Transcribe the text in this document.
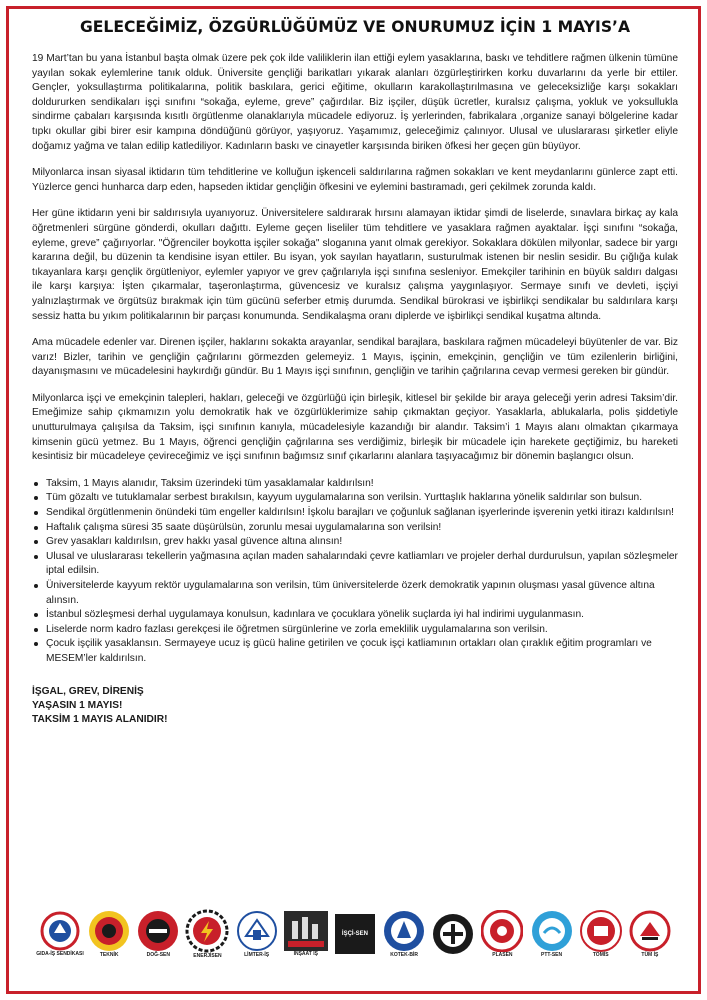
GELECEĞİMİZ, ÖZGÜRLÜĞÜMÜZ VE ONURUMUZ İÇİN 1 MAYIS’A

19 Mart’tan bu yana İstanbul başta olmak üzere pek çok ilde valiliklerin ilan ettiği eylem yasaklarına, baskı ve tehditlere rağmen ülkenin tümüne yayılan sokak eylemlerine tanık olduk. Üniversite gençliği barikatları yıkarak alanları özgürleştirirken korku duvarlarını da yerle bir ettiler. Gençler, yoksullaştırma politikalarına, politik baskılara, gerici eğitime, okulların karakollaştırılmasına ve geleceksizliğe karşı sokakları doldururken sendikaları işçi sınıfını “sokağa, eyleme, greve” çağırdılar. Biz işçiler, düşük ücretler, kuralsız çalışma, yokluk ve yoksullukla sindirme çabaları karşısında kısıtlı örgütlenme olanaklarıyla mücadele ediyoruz. İş yerlerinden, fabrikalara ,organize sanayi bölgelerine kadar tıpkı okullar gibi birer esir kampına döndüğünü görüyor, yaşıyoruz. Yaşamımız, geleceğimiz çalınıyor. Ulusal ve uluslararası şirketler eliyle doğamız yağma ve talan edilip katlediliyor. Kadınların baskı ve cinayetler karşısında biriken öfkesi her geçen gün büyüyor.

Milyonlarca insan siyasal iktidarın tüm tehditlerine ve kolluğun işkenceli saldırılarına rağmen sokakları ve kent meydanlarını günlerce zapt etti. Yüzlerce genci hunharca darp eden, hapseden iktidar gençliğin öfkesini ve eylemini bastıramadı, geri çekilmek zorunda kaldı.

Her güne iktidarın yeni bir saldırısıyla uyanıyoruz. Üniversitelere saldırarak hırsını alamayan iktidar şimdi de liselerde, sınavlara birkaç ay kala öğretmenleri sürgüne gönderdi, okulları dağıttı. Eyleme geçen liseliler tüm tehditlere ve yasaklara rağmen ayaktalar. İşçi sınıfını “sokağa, eyleme, greve” çağırıyorlar. "Öğrenciler boykotta işçiler sokağa" sloganına yanıt olmak gerekiyor. Sokaklara dökülen milyonlar, sadece bir yargı kararına değil, bu düzenin ta kendisine isyan ettiler. Bu isyan, yok sayılan hayatların, susturulmak istenen bir neslin sesidir. Bu çığlığa kulak tıkayanlara karşı gençlik örgütleniyor, eylemler yapıyor ve grev çağrılarıyla işçi sınıfına sesleniyor. Emekçiler tarihinin en büyük saldırı dalgası ile karşı karşıya: İşten çıkarmalar, taşeronlaştırma, güvencesiz ve kuralsız çalışma yaygınlaşıyor. Sermaye sınıfı ve devleti, işçiyi yalnızlaştırmak ve örgütsüz bırakmak için tüm gücünü seferber etmiş durumda. Sendikal bürokrasi ve işbirlikçi sendikalar bu saldırılara karşı sessiz hatta bu yıkım politikalarının bir parçası konumunda. Sendikalaşma oranı diplerde ve işbirlikçi sendikal kuşatma altında.

Ama mücadele edenler var. Direnen işçiler, haklarını sokakta arayanlar, sendikal barajlara, baskılara rağmen mücadeleyi büyütenler de var. Biz varız! Bizler, tarihin ve gençliğin çağrılarını görmezden gelemeyiz. 1 Mayıs, işçinin, emekçinin, gençliğin ve tüm ezilenlerin birliğini, dayanışmasını ve mücadelesini haykırdığı gündür. Bu 1 Mayıs işçi sınıfının, gençliğin ve tarihin çağrılarına cevap vermesi gereken bir gündür.

Milyonlarca işçi ve emekçinin talepleri, hakları, geleceği ve özgürlüğü için birleşik, kitlesel bir şekilde bir araya geleceği yerin adresi Taksim’dir. Emeğimize sahip çıkmamızın yolu demokratik hak ve özgürlüklerimize sahip çıkmaktan geçiyor. Yasaklarla, ablukalarla, polis şiddetiyle unutturulmaya çalışılsa da Taksim, işçi sınıfının kanıyla, mücadelesiyle kazandığı bir alandır. Taksim’i 1 Mayıs alanı olmaktan çıkarmaya kimsenin gücü yetmez. Bu 1 Mayıs, öğrenci gençliğin çağrılarına ses verdiğimiz, birleşik bir mücadele için harekete geçtiğimiz, bu hareketi kesintisiz bir mücadeleye çevireceğimiz ve işçi sınıfının bağımsız sınıf çıkarlarını alanlara taşıyacağımız bir dönemin başlangıcı olsun.

Taksim, 1 Mayıs alanıdır, Taksim üzerindeki tüm yasaklamalar kaldırılsın!
Tüm gözaltı ve tutuklamalar serbest bırakılsın, kayyum uygulamalarına son verilsin. Yurttaşlık haklarına yönelik saldırılar son bulsun.
Sendikal örgütlenmenin önündeki tüm engeller kaldırılsın! İşkolu barajları ve çoğunluk sağlanan işyerlerinde işverenin yetki itirazı kaldırılsın!
Haftalık çalışma süresi 35 saate düşürülsün, zorunlu mesai uygulamalarına son verilsin!
Grev yasakları kaldırılsın, grev hakkı yasal güvence altına alınsın!
Ulusal ve uluslararası tekellerin yağmasına açılan maden sahalarındaki çevre katliamları ve projeler derhal durdurulsun, yapılan sözleşmeler iptal edilsin.
Üniversitelerde kayyum rektör uygulamalarına son verilsin, tüm üniversitelerde özerk demokratik yapının oluşması yasal güvence altına alınsın.
İstanbul sözleşmesi derhal uygulamaya konulsun, kadınlara ve çocuklara yönelik suçlarda iyi hal indirimi uygulanmasın.
Liselerde norm kadro fazlası gerekçesi ile öğretmen sürgünlerine ve zorla emeklilik uygulamalarına son verilsin.
Çocuk işçilik yasaklansın. Sermayeye ucuz iş gücü haline getirilen ve çocuk işçi katliamının ortakları olan çıraklık eğitim programları ve MESEM’ler kaldırılsın.
İŞGAL, GREV, DİRENİŞ
YAŞASIN 1 MAYIS!
TAKSİM 1 MAYIS ALANIDIR!
GIDA-İŞ SENDİKASI	TEKNİK	DOĞ-SEN	ENERJİSEN	LİMTER-İŞ	İNŞAAT İŞ
İŞÇİ-SEN
KOTEK-BİR	PLASEN	PTT-SEN	TOMİS	TÜM İŞ
